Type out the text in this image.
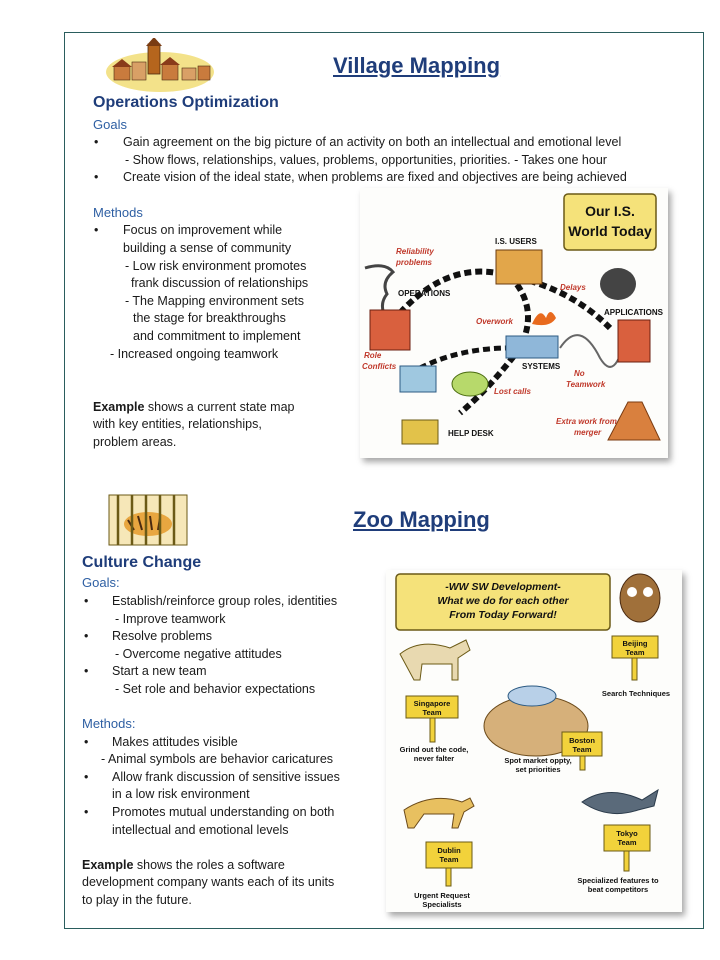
Village Mapping
Operations Optimization
Goals
• Gain agreement on the big picture of an activity on both an intellectual and emotional level
- Show flows, relationships, values, problems, opportunities, priorities. - Takes one hour
• Create vision of the ideal state, when problems are fixed and objectives are being achieved
Methods
• Focus on improvement while
building a sense of community
- Low risk environment promotes
frank discussion of relationships
- The Mapping environment sets
the stage for breakthroughs
and commitment to implement
- Increased ongoing teamwork
Example shows a current state map
with key entities, relationships,
problem areas.
Our I.S.
World Today
Reliability
problems
I.S. USERS
OPERATIONS
Delays
APPLICATIONS
Overwork
SYSTEMS
Role
Conflicts
Lost calls
No
Teamwork
HELP DESK
Extra work from
merger
Zoo Mapping
Culture Change
Goals:
• Establish/reinforce group roles, identities
- Improve teamwork
• Resolve problems
- Overcome negative attitudes
• Start a new team
- Set role and behavior expectations
Methods:
• Makes attitudes visible
- Animal symbols are behavior caricatures
• Allow frank discussion of sensitive issues
in a low risk environment
• Promotes mutual understanding on both
intellectual and emotional levels
Example shows the roles a software
development company wants each of its units
to play in the future.
-WW SW Development-
What we do for each other
From Today Forward!
Beijing
Team
Search Techniques
Singapore
Team
Grind out the code,
never falter
Boston
Team
Spot market oppty,
set priorities
Tokyo
Team
Specialized features to
beat competitors
Dublin
Team
Urgent Request
Specialists
